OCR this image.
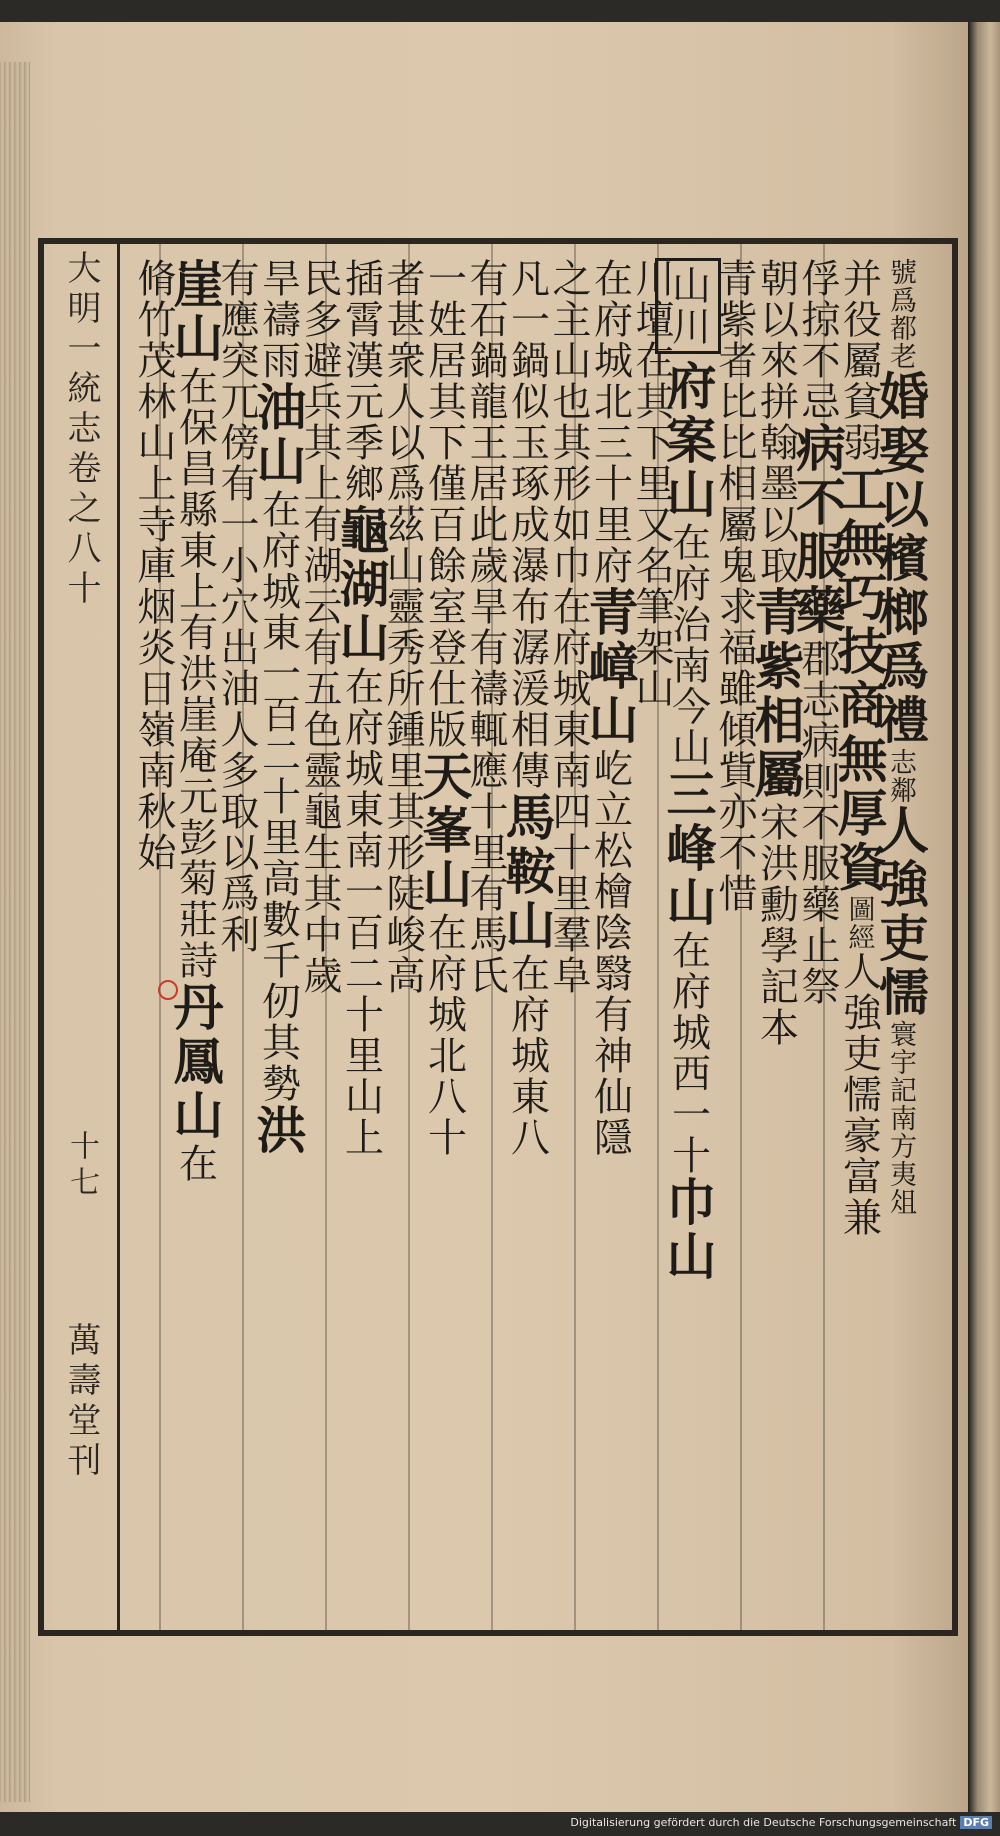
大明一統志卷之八十十七萬壽堂刊
號爲都老婚娶以檳榔爲禮志鄰人強吏懦寰宇記南方夷俎
并役屬貧弱工無巧技商無厚資圖經人強吏懦豪富兼
俘掠不忌病不服藥郡志病則不服藥止祭
朝以來拼翰墨以取青紫相屬宋洪勳學記本
青紫者比比相屬鬼求福雖傾貲亦不惜
山川府案山在府治南今山三峰山在府城西一十巾山
川壇在其下里又名筆架山
在府城北三十里府青嶂山屹立松檜陰翳有神仙隱
之主山也其形如巾在府城東南四十里羣阜
凡一鍋似玉琢成瀑布潺湲相傳馬鞍山在府城東八
有石鍋龍王居此歲旱有禱輒應十里有馬氏
一姓居其下僅百餘室登仕版天峯山在府城北八十
者甚衆人以爲茲山靈秀所鍾里其形陡峻高
插霄漢元季鄉龜湖山在府城東南一百二十里山上
民多避兵其上有湖云有五色靈龜生其中歲
旱禱雨油山在府城東一百二十里高數千仞其勢洪
有應突兀傍有一小穴出油人多取以爲利
崖山在保昌縣東上有洪崖庵元彭菊莊詩丹鳳山在
脩竹茂林山上寺庫烟炎日嶺南秋始
Digitalisierung gefördert durch die Deutsche Forschungsgemeinschaft DFG
